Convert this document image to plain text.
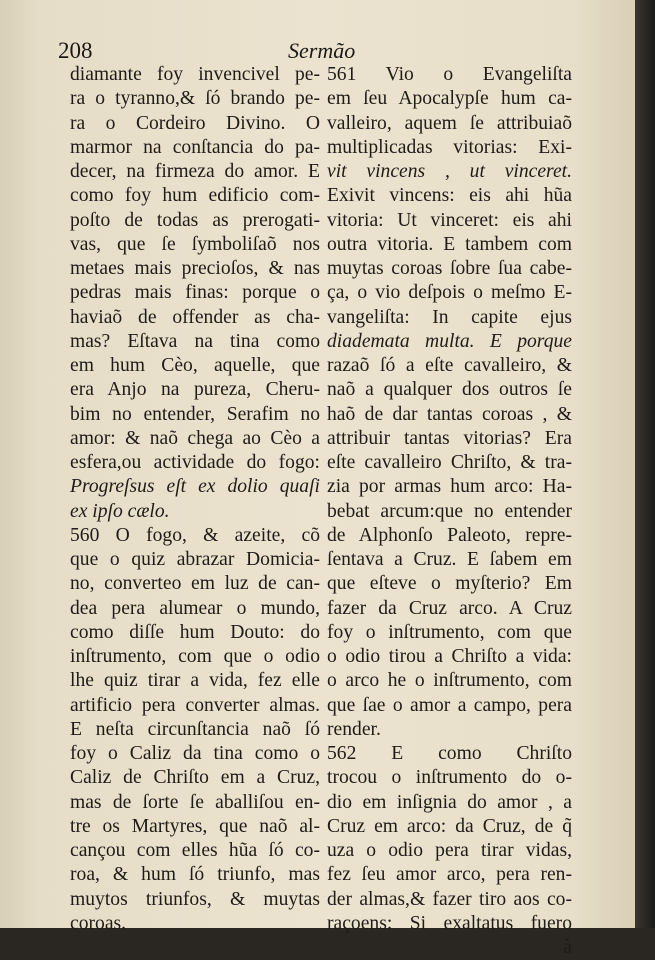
208	Sermão
diamante foy invencivel pe-
ra o tyranno,& ſó brando pe-
ra o Cordeiro Divino. O
marmor na conſtancia do pa-
decer, na firmeza do amor. E
como foy hum edificio com-
poſto de todas as prerogati-
vas, que ſe ſymboliſaõ nos
metaes mais precioſos, & nas
pedras mais finas: porque o
haviaõ de offender as cha-
mas? Eſtava na tina como
em hum Cèo, aquelle, que
era Anjo na pureza, Cheru-
bim no entender, Serafim no
amor: & naõ chega ao Cèo a
esfera,ou actividade do fogo:
Progreſsus eſt ex dolio quaſi
ex ipſo cælo.
560 O fogo, & azeite, cõ
que o quiz abrazar Domicia-
no, converteo em luz de can-
dea pera alumear o mundo,
como diſſe hum Douto: do
inſtrumento, com que o odio
lhe quiz tirar a vida, fez elle
artificio pera converter almas.
E neſta circunſtancia naõ ſó
foy o Caliz da tina como o
Caliz de Chriſto em a Cruz,
mas de ſorte ſe aballiſou en-
tre os Martyres, que naõ al-
cançou com elles hũa ſó co-
roa, & hum ſó triunfo, mas
muytos triunfos, & muytas
coroas.
561 Vio o Evangeliſta
em ſeu Apocalypſe hum ca-
valleiro, aquem ſe attribuiaõ
multiplicadas vitorias: Exi-
vit vincens , ut vinceret.
Exivit vincens: eis ahi hũa
vitoria: Ut vinceret: eis ahi
outra vitoria. E tambem com
muytas coroas ſobre ſua cabe-
ça, o vio deſpois o meſmo E-
vangeliſta: In capite ejus
diademata multa. E porque
razaõ ſó a eſte cavalleiro, &
naõ a qualquer dos outros ſe
haõ de dar tantas coroas , &
attribuir tantas vitorias? Era
eſte cavalleiro Chriſto, & tra-
zia por armas hum arco: Ha-
bebat arcum:que no entender
de Alphonſo Paleoto, repre-
ſentava a Cruz. E ſabem em
que eſteve o myſterio? Em
fazer da Cruz arco. A Cruz
foy o inſtrumento, com que
o odio tirou a Chriſto a vida:
o arco he o inſtrumento, com
que ſae o amor a campo, pera
render.
562 E como Chriſto
trocou o inſtrumento do o-
dio em inſignia do amor , a
Cruz em arco: da Cruz, de q̃
uza o odio pera tirar vidas,
fez ſeu amor arco, pera ren-
der almas,& fazer tiro aos co-
raçoens: Si exaltatus fuero
à
